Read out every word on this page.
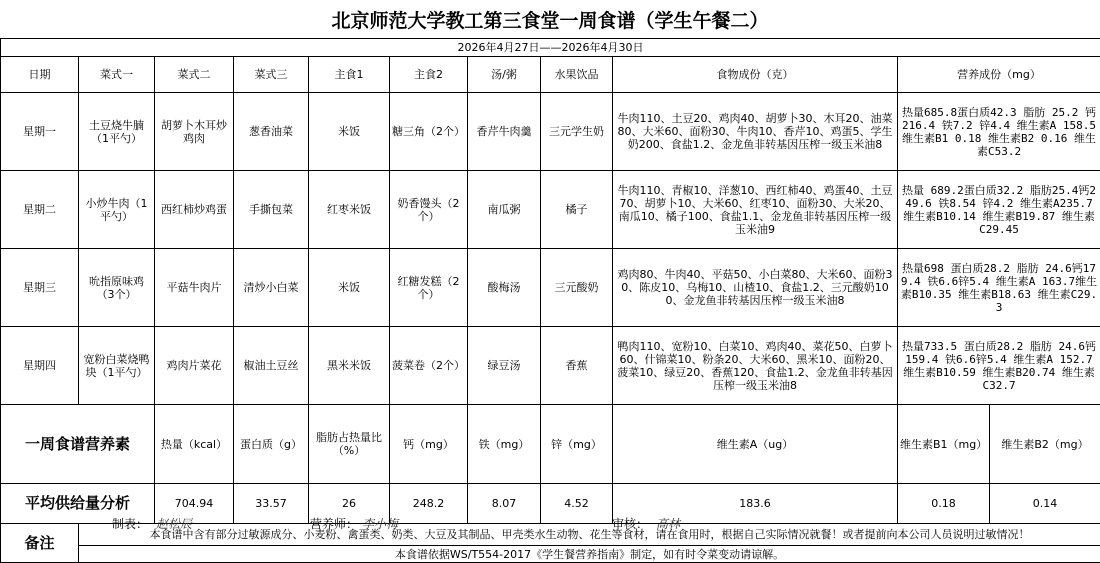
北京师范大学教工第三食堂一周食谱（学生午餐二）
2026年4月27日——2026年4月30日											
日期	菜式一	菜式二	菜式三	主食1	主食2	汤/粥	水果饮品	食物成份（克）	营养成份（mg）		
星期一	土豆烧牛腩（1平勺）	胡萝卜木耳炒鸡肉	葱香油菜	米饭	糖三角（2个）	香芹牛肉羹	三元学生奶	牛肉110、土豆20、鸡肉40、胡萝卜30、木耳20、油菜80、大米60、面粉30、牛肉10、香芹10、鸡蛋5、学生奶200、食盐1.2、金龙鱼非转基因压榨一级玉米油8	热量685.8蛋白质42.3 脂肪 25.2 钙216.4 铁7.2 锌4.4 维生素A 158.5维生素B1 0.18 维生素B2 0.16 维生素C53.2		
星期二	小炒牛肉（1平勺）	西红柿炒鸡蛋	手撕包菜	红枣米饭	奶香馒头（2个）	南瓜粥	橘子	牛肉110、青椒10、洋葱10、西红柿40、鸡蛋40、土豆70、胡萝卜10、大米60、红枣10、面粉30、大米20、南瓜10、橘子100、食盐1.1、金龙鱼非转基因压榨一级玉米油9	热量 689.2蛋白质32.2 脂肪25.4钙249.6 铁8.54 锌4.2 维生素A235.7维生素B10.14 维生素B19.87 维生素C29.45		
星期三	吮指原味鸡（3个）	平菇牛肉片	清炒小白菜	米饭	红糖发糕（2个）	酸梅汤	三元酸奶	鸡肉80、牛肉40、平菇50、小白菜80、大米60、面粉30、陈皮10、乌梅10、山楂10、食盐1.2、三元酸奶100、金龙鱼非转基因压榨一级玉米油8	热量698 蛋白质28.2 脂肪 24.6钙179.4 铁6.6锌5.4 维生素A 163.7维生素B10.35 维生素B18.63 维生素C29.3		
星期四	宽粉白菜烧鸭块（1平勺）	鸡肉片菜花	椒油土豆丝	黑米米饭	菠菜卷（2个）	绿豆汤	香蕉	鸭肉110、宽粉10、白菜10、鸡肉40、菜花50、白萝卜60、什锦菜10、粉条20、大米60、黑米10、面粉20、菠菜10、绿豆20、香蕉120、食盐1.2、金龙鱼非转基因压榨一级玉米油8	热量733.5 蛋白质28.2 脂肪 24.6钙159.4 铁6.6锌5.4 维生素A 152.7维生素B10.59 维生素B20.74 维生素C32.7		
一周食谱营养素		热量（kcal）	蛋白质（g）	脂肪占热量比（%）	钙（mg）	铁（mg）	锌（mg）	维生素A（ug）	维生素B1（mg）	维生素B2（mg）	
平均供给量分析		704.94	33.57	26	248.2	8.07	4.52	183.6	0.18	0.14	
备注	本食谱中含有部分过敏源成分、小麦粉、禽蛋类、奶类、大豆及其制品、甲壳类水生动物、花生等食材，请在食用时，根据自己实际情况就餐！或者提前向本公司人员说明过敏情况！										
	本食谱依据WS/T554-2017《学生餐营养指南》制定，如有时令菜变动请谅解。										
制表： 赵松辰	营养师： 李小梅	审核： 高林
